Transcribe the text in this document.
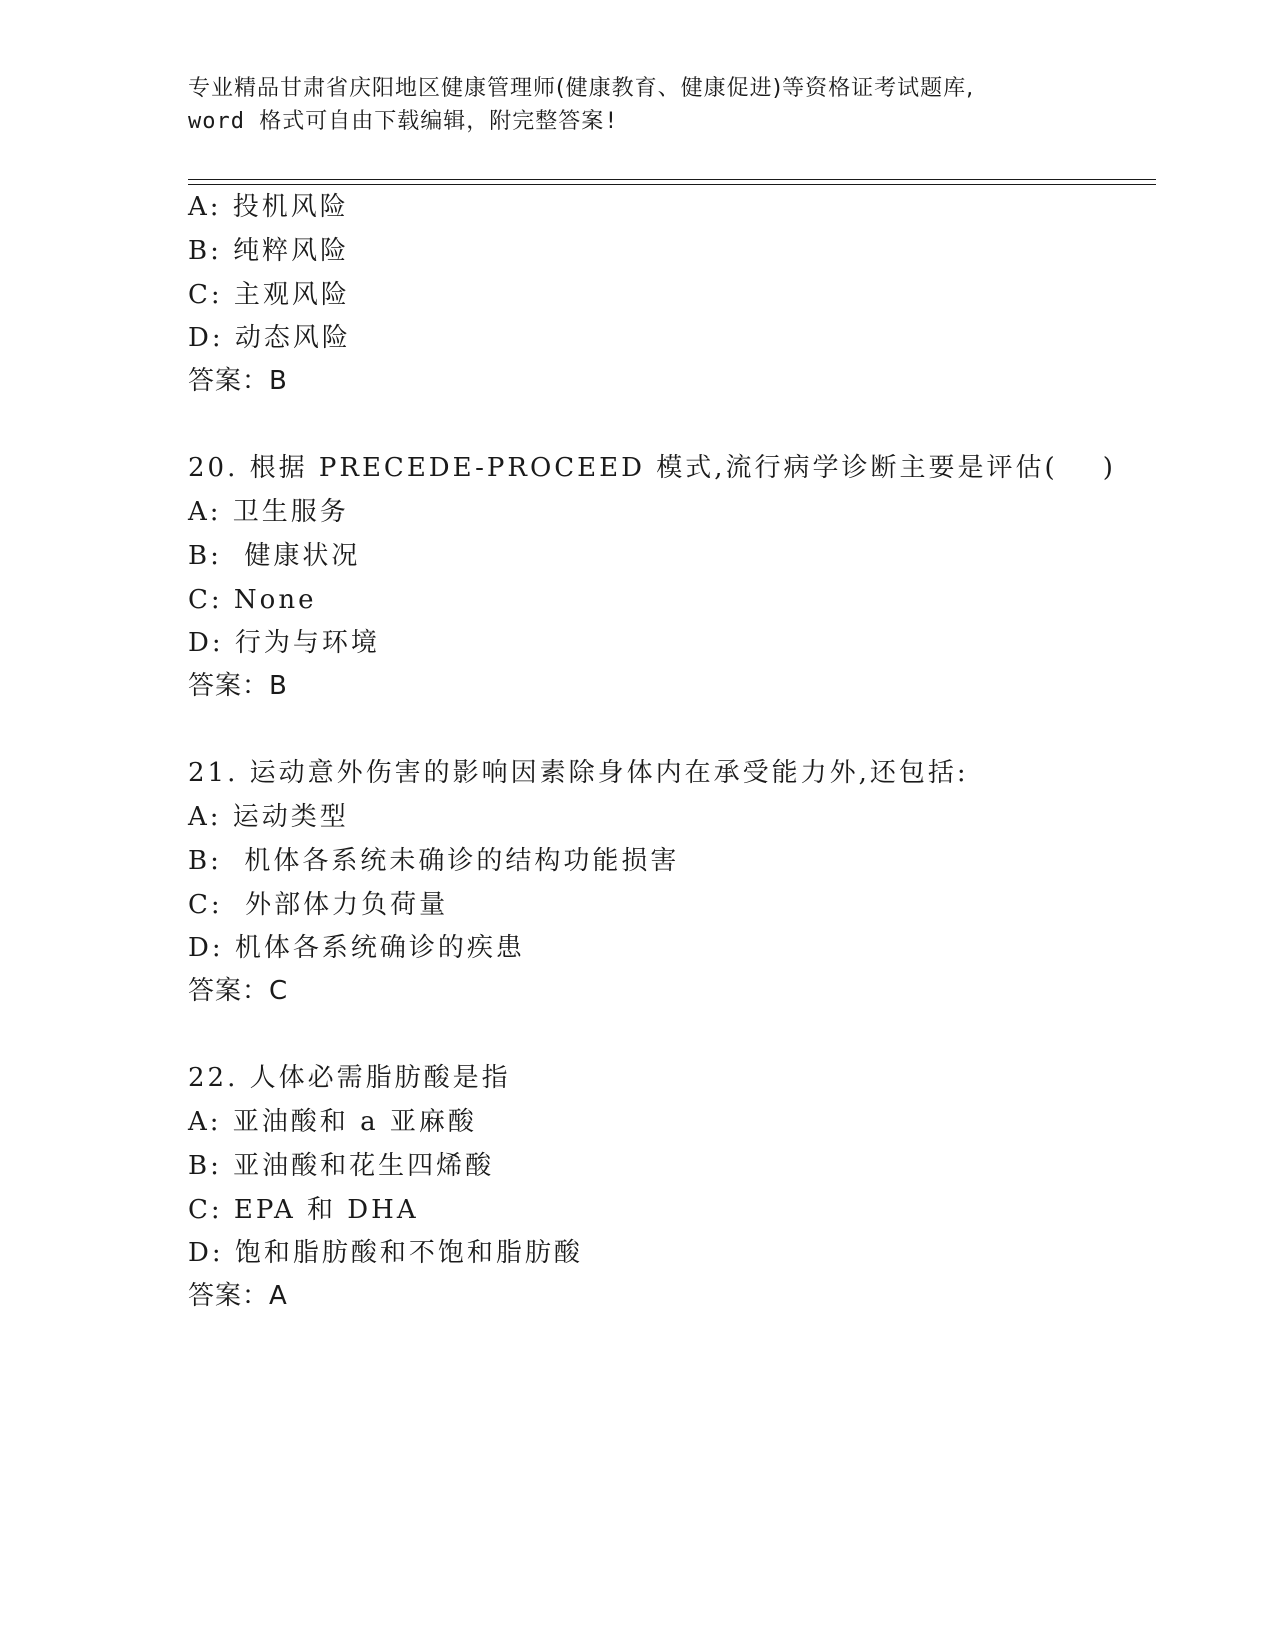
专业精品甘肃省庆阳地区健康管理师(健康教育、健康促进)等资格证考试题库,
word 格式可自由下载编辑，附完整答案!
A: 投机风险
B: 纯粹风险
C: 主观风险
D: 动态风险
答案：B
20. 根据 PRECEDE-PROCEED 模式,流行病学诊断主要是评估(    )
A: 卫生服务
B:  健康状况
C: None
D: 行为与环境
答案：B
21. 运动意外伤害的影响因素除身体内在承受能力外,还包括:
A: 运动类型
B:  机体各系统未确诊的结构功能损害
C:  外部体力负荷量
D: 机体各系统确诊的疾患
答案：C
22. 人体必需脂肪酸是指
A: 亚油酸和 a 亚麻酸
B: 亚油酸和花生四烯酸
C: EPA 和 DHA
D: 饱和脂肪酸和不饱和脂肪酸
答案：A
